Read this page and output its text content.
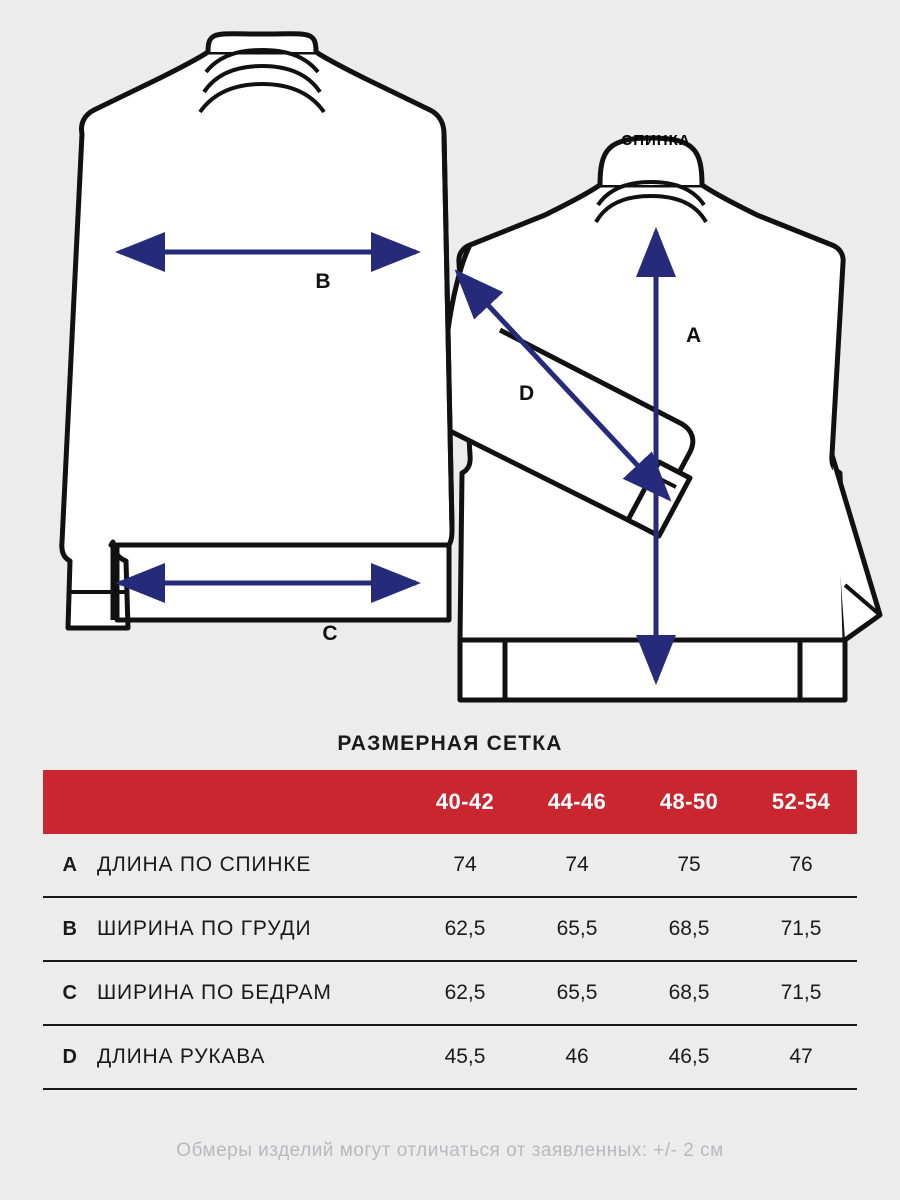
СПИНКА
A
D
B
C
РАЗМЕРНАЯ СЕТКА
		40-42	44-46	48-50	52-54
A	ДЛИНА ПО СПИНКЕ	74	74	75	76
B	ШИРИНА ПО ГРУДИ	62,5	65,5	68,5	71,5
C	ШИРИНА ПО БЕДРАМ	62,5	65,5	68,5	71,5
D	ДЛИНА РУКАВА	45,5	46	46,5	47
Обмеры изделий могут отличаться от заявленных: +/- 2 см
